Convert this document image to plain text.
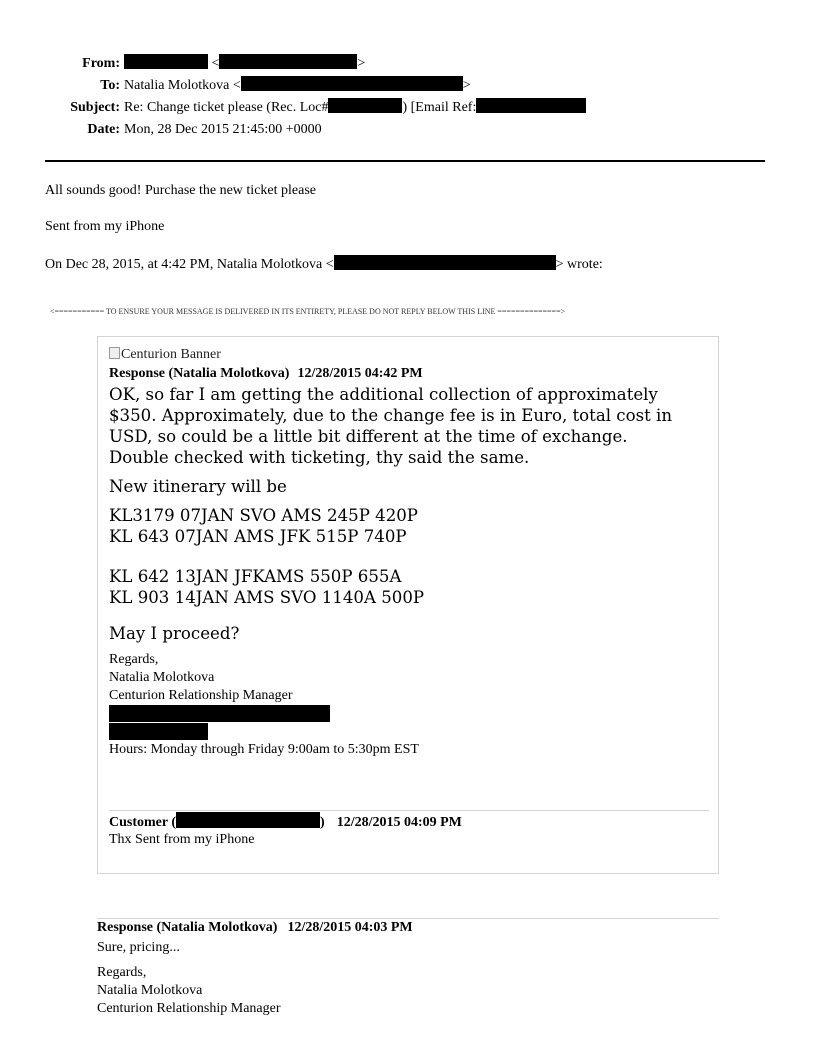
From:	<	>
To: Natalia Molotkova <	>
Subject: Re: Change ticket please (Rec. Loc#	) [Email Ref:
Date: Mon, 28 Dec 2015 21:45:00 +0000
All sounds good! Purchase the new ticket please
Sent from my iPhone
On Dec 28, 2015, at 4:42 PM, Natalia Molotkova <	> wrote:
<=========== TO ENSURE YOUR MESSAGE IS DELIVERED IN ITS ENTIRETY, PLEASE DO NOT REPLY BELOW THIS LINE ==============>
Centurion Banner
Response (Natalia Molotkova) 12/28/2015 04:42 PM
OK, so far I am getting the additional collection of approximately
$350. Approximately, due to the change fee is in Euro, total cost in
USD, so could be a little bit different at the time of exchange.
Double checked with ticketing, thy said the same.
New itinerary will be
KL3179 07JAN SVO AMS 245P 420P
KL 643 07JAN AMS JFK 515P 740P
KL 642 13JAN JFKAMS 550P 655A
KL 903 14JAN AMS SVO 1140A 500P
May I proceed?
Regards,
Natalia Molotkova
Centurion Relationship Manager
Hours: Monday through Friday 9:00am to 5:30pm EST
Customer (	) 12/28/2015 04:09 PM
Thx Sent from my iPhone
Response (Natalia Molotkova) 12/28/2015 04:03 PM
Sure, pricing...
Regards,
Natalia Molotkova
Centurion Relationship Manager
